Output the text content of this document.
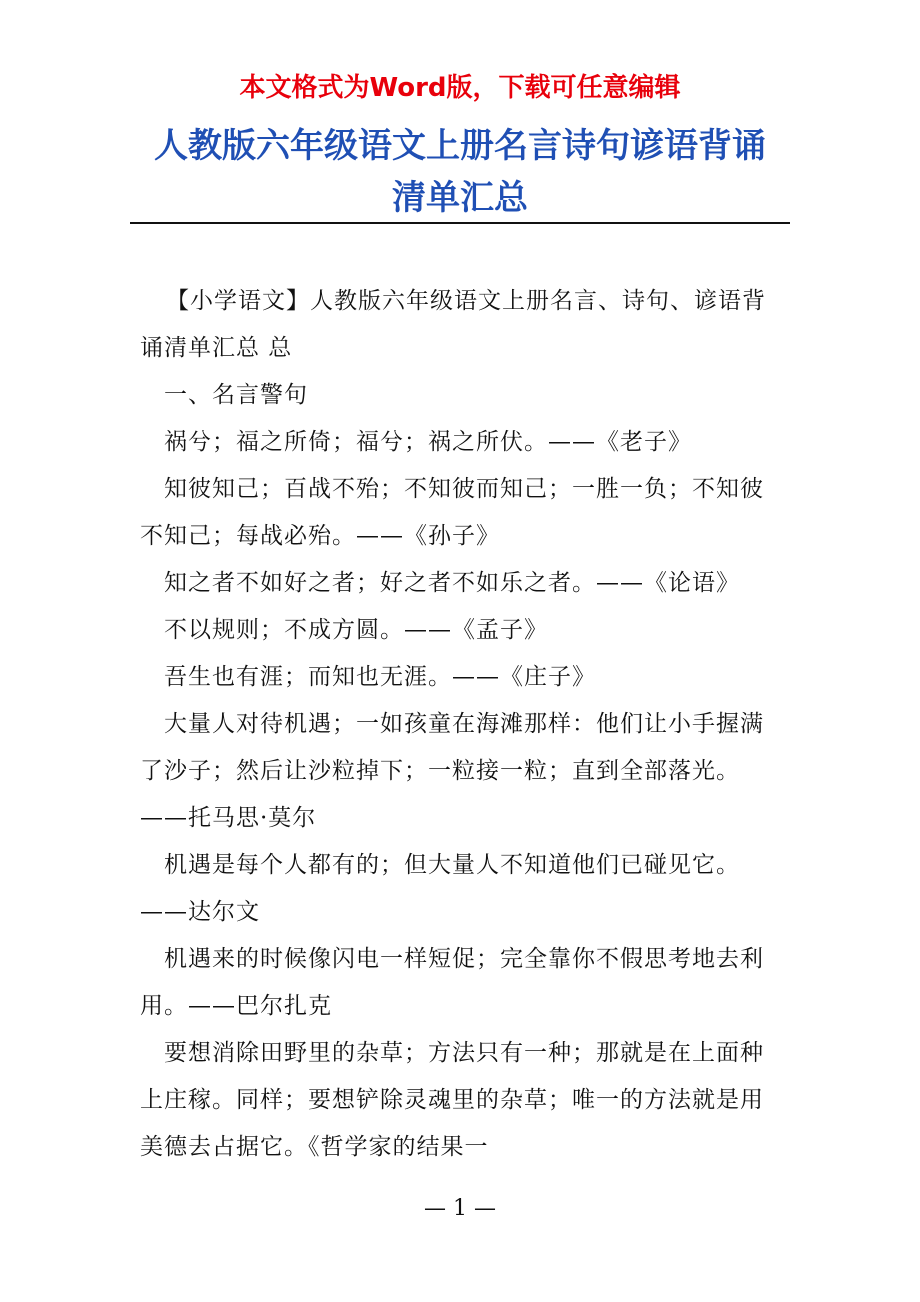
本文格式为Word版，下载可任意编辑
人教版六年级语文上册名言诗句谚语背诵
清单汇总

【小学语文】人教版六年级语文上册名言、诗句、谚语背诵清单汇总 总

一、名言警句

祸兮；福之所倚；福兮；祸之所伏。——《老子》

知彼知己；百战不殆；不知彼而知己；一胜一负；不知彼不知己；每战必殆。——《孙子》

知之者不如好之者；好之者不如乐之者。——《论语》

不以规则；不成方圆。——《孟子》

吾生也有涯；而知也无涯。——《庄子》

大量人对待机遇；一如孩童在海滩那样：他们让小手握满了沙子；然后让沙粒掉下；一粒接一粒；直到全部落光。——托马思·莫尔

机遇是每个人都有的；但大量人不知道他们已碰见它。——达尔文

机遇来的时候像闪电一样短促；完全靠你不假思考地去利用。——巴尔扎克

要想消除田野里的杂草；方法只有一种；那就是在上面种上庄稼。同样；要想铲除灵魂里的杂草；唯一的方法就是用美德去占据它。《哲学家的结果一

— 1 —
